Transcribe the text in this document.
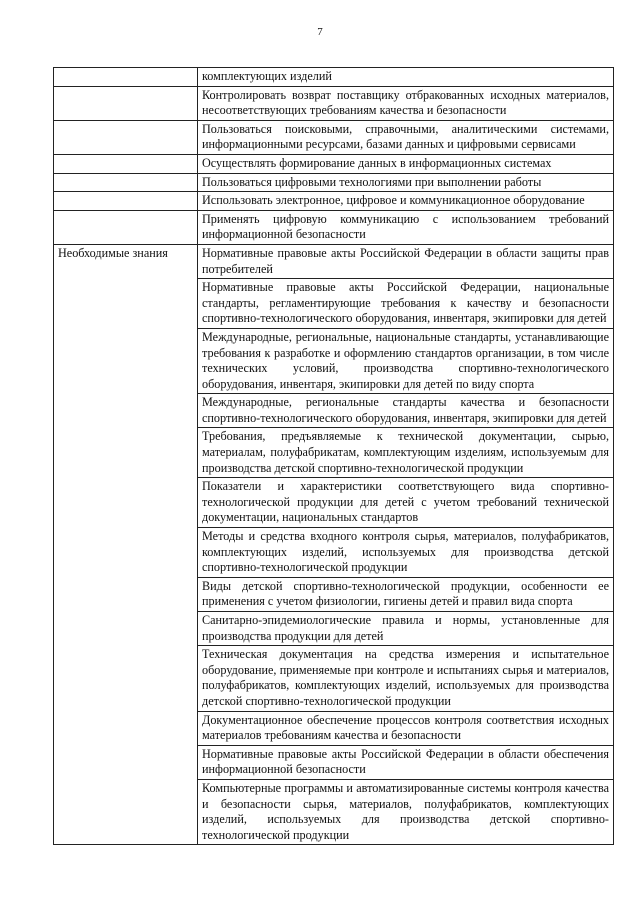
7
	комплектующих изделий
	Контролировать возврат поставщику отбракованных исходных материалов, несоответствующих требованиям качества и безопасности
	Пользоваться поисковыми, справочными, аналитическими системами, информационными ресурсами, базами данных и цифровыми сервисами
	Осуществлять формирование данных в информационных системах
	Пользоваться цифровыми технологиями при выполнении работы
	Использовать электронное, цифровое и коммуникационное оборудование
	Применять цифровую коммуникацию с использованием требований информационной безопасности
Необходимые знания	Нормативные правовые акты Российской Федерации в области защиты прав потребителей
	Нормативные правовые акты Российской Федерации, национальные стандарты, регламентирующие требования к качеству и безопасности спортивно-технологического оборудования, инвентаря, экипировки для детей
	Международные, региональные, национальные стандарты, устанавливающие требования к разработке и оформлению стандартов организации, в том числе технических условий, производства спортивно-технологического оборудования, инвентаря, экипировки для детей по виду спорта
	Международные, региональные стандарты качества и безопасности спортивно-технологического оборудования, инвентаря, экипировки для детей
	Требования, предъявляемые к технической документации, сырью, материалам, полуфабрикатам, комплектующим изделиям, используемым для производства детской спортивно-технологической продукции
	Показатели и характеристики соответствующего вида спортивно-технологической продукции для детей с учетом требований технической документации, национальных стандартов
	Методы и средства входного контроля сырья, материалов, полуфабрикатов, комплектующих изделий, используемых для производства детской спортивно-технологической продукции
	Виды детской спортивно-технологической продукции, особенности ее применения с учетом физиологии, гигиены детей и правил вида спорта
	Санитарно-эпидемиологические правила и нормы, установленные для производства продукции для детей
	Техническая документация на средства измерения и испытательное оборудование, применяемые при контроле и испытаниях сырья и материалов, полуфабрикатов, комплектующих изделий, используемых для производства детской спортивно-технологической продукции
	Документационное обеспечение процессов контроля соответствия исходных материалов требованиям качества и безопасности
	Нормативные правовые акты Российской Федерации в области обеспечения информационной безопасности
	Компьютерные программы и автоматизированные системы контроля качества и безопасности сырья, материалов, полуфабрикатов, комплектующих изделий, используемых для производства детской спортивно-технологической продукции
